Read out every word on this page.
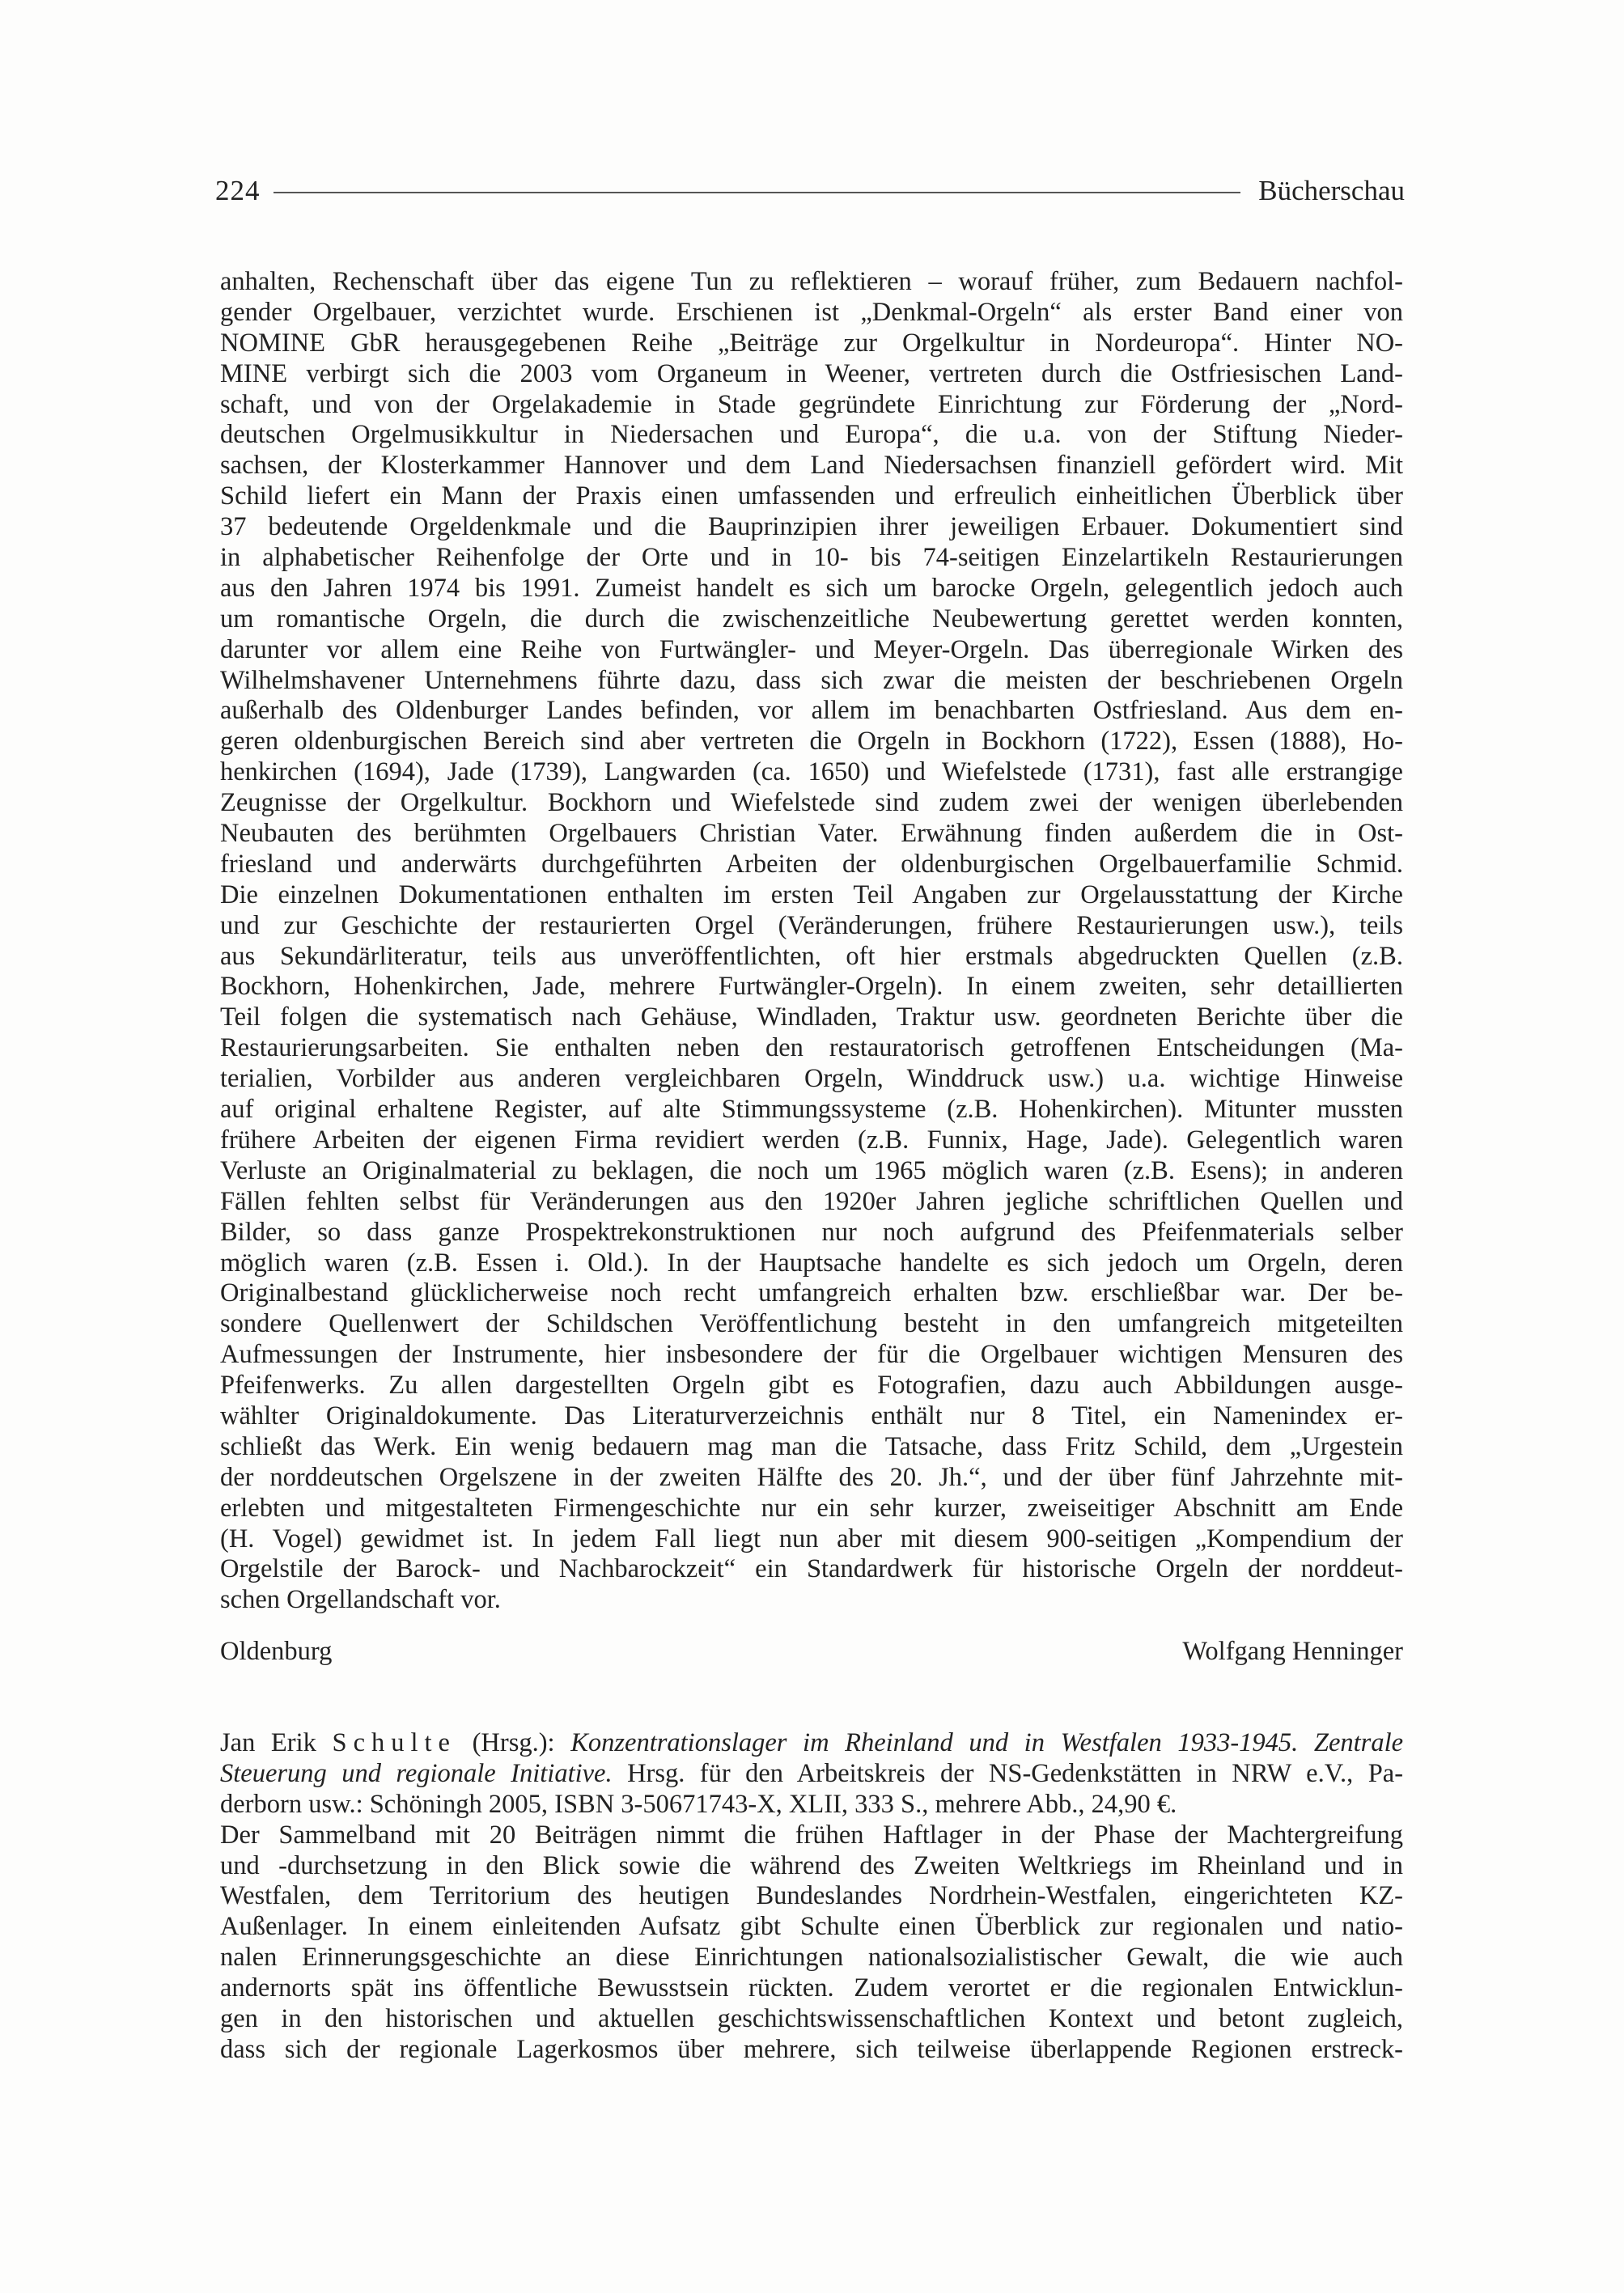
224	Bücherschau
anhalten, Rechenschaft über das eigene Tun zu reflektieren – worauf früher, zum Bedauern nachfol-
gender Orgelbauer, verzichtet wurde. Erschienen ist „Denkmal-Orgeln“ als erster Band einer von
NOMINE GbR herausgegebenen Reihe „Beiträge zur Orgelkultur in Nordeuropa“. Hinter NO-
MINE verbirgt sich die 2003 vom Organeum in Weener, vertreten durch die Ostfriesischen Land-
schaft, und von der Orgelakademie in Stade gegründete Einrichtung zur Förderung der „Nord-
deutschen Orgelmusikkultur in Niedersachen und Europa“, die u.a. von der Stiftung Nieder-
sachsen, der Klosterkammer Hannover und dem Land Niedersachsen finanziell gefördert wird. Mit
Schild liefert ein Mann der Praxis einen umfassenden und erfreulich einheitlichen Überblick über
37 bedeutende Orgeldenkmale und die Bauprinzipien ihrer jeweiligen Erbauer. Dokumentiert sind
in alphabetischer Reihenfolge der Orte und in 10- bis 74-seitigen Einzelartikeln Restaurierungen
aus den Jahren 1974 bis 1991. Zumeist handelt es sich um barocke Orgeln, gelegentlich jedoch auch
um romantische Orgeln, die durch die zwischenzeitliche Neubewertung gerettet werden konnten,
darunter vor allem eine Reihe von Furtwängler- und Meyer-Orgeln. Das überregionale Wirken des
Wilhelmshavener Unternehmens führte dazu, dass sich zwar die meisten der beschriebenen Orgeln
außerhalb des Oldenburger Landes befinden, vor allem im benachbarten Ostfriesland. Aus dem en-
geren oldenburgischen Bereich sind aber vertreten die Orgeln in Bockhorn (1722), Essen (1888), Ho-
henkirchen (1694), Jade (1739), Langwarden (ca. 1650) und Wiefelstede (1731), fast alle erstrangige
Zeugnisse der Orgelkultur. Bockhorn und Wiefelstede sind zudem zwei der wenigen überlebenden
Neubauten des berühmten Orgelbauers Christian Vater. Erwähnung finden außerdem die in Ost-
friesland und anderwärts durchgeführten Arbeiten der oldenburgischen Orgelbauerfamilie Schmid.
Die einzelnen Dokumentationen enthalten im ersten Teil Angaben zur Orgelausstattung der Kirche
und zur Geschichte der restaurierten Orgel (Veränderungen, frühere Restaurierungen usw.), teils
aus Sekundärliteratur, teils aus unveröffentlichten, oft hier erstmals abgedruckten Quellen (z.B.
Bockhorn, Hohenkirchen, Jade, mehrere Furtwängler-Orgeln). In einem zweiten, sehr detaillierten
Teil folgen die systematisch nach Gehäuse, Windladen, Traktur usw. geordneten Berichte über die
Restaurierungsarbeiten. Sie enthalten neben den restauratorisch getroffenen Entscheidungen (Ma-
terialien, Vorbilder aus anderen vergleichbaren Orgeln, Winddruck usw.) u.a. wichtige Hinweise
auf original erhaltene Register, auf alte Stimmungssysteme (z.B. Hohenkirchen). Mitunter mussten
frühere Arbeiten der eigenen Firma revidiert werden (z.B. Funnix, Hage, Jade). Gelegentlich waren
Verluste an Originalmaterial zu beklagen, die noch um 1965 möglich waren (z.B. Esens); in anderen
Fällen fehlten selbst für Veränderungen aus den 1920er Jahren jegliche schriftlichen Quellen und
Bilder, so dass ganze Prospektrekonstruktionen nur noch aufgrund des Pfeifenmaterials selber
möglich waren (z.B. Essen i. Old.). In der Hauptsache handelte es sich jedoch um Orgeln, deren
Originalbestand glücklicherweise noch recht umfangreich erhalten bzw. erschließbar war. Der be-
sondere Quellenwert der Schildschen Veröffentlichung besteht in den umfangreich mitgeteilten
Aufmessungen der Instrumente, hier insbesondere der für die Orgelbauer wichtigen Mensuren des
Pfeifenwerks. Zu allen dargestellten Orgeln gibt es Fotografien, dazu auch Abbildungen ausge-
wählter Originaldokumente. Das Literaturverzeichnis enthält nur 8 Titel, ein Namenindex er-
schließt das Werk. Ein wenig bedauern mag man die Tatsache, dass Fritz Schild, dem „Urgestein
der norddeutschen Orgelszene in der zweiten Hälfte des 20. Jh.“, und der über fünf Jahrzehnte mit-
erlebten und mitgestalteten Firmengeschichte nur ein sehr kurzer, zweiseitiger Abschnitt am Ende
(H. Vogel) gewidmet ist. In jedem Fall liegt nun aber mit diesem 900-seitigen „Kompendium der
Orgelstile der Barock- und Nachbarockzeit“ ein Standardwerk für historische Orgeln der norddeut-
schen Orgellandschaft vor.
Oldenburg	Wolfgang Henninger
Jan Erik Schulte (Hrsg.): Konzentrationslager im Rheinland und in Westfalen 1933-1945. Zentrale
Steuerung und regionale Initiative. Hrsg. für den Arbeitskreis der NS-Gedenkstätten in NRW e.V., Pa-
derborn usw.: Schöningh 2005, ISBN 3-50671743-X, XLII, 333 S., mehrere Abb., 24,90 €.
Der Sammelband mit 20 Beiträgen nimmt die frühen Haftlager in der Phase der Machtergreifung
und -durchsetzung in den Blick sowie die während des Zweiten Weltkriegs im Rheinland und in
Westfalen, dem Territorium des heutigen Bundeslandes Nordrhein-Westfalen, eingerichteten KZ-
Außenlager. In einem einleitenden Aufsatz gibt Schulte einen Überblick zur regionalen und natio-
nalen Erinnerungsgeschichte an diese Einrichtungen nationalsozialistischer Gewalt, die wie auch
andernorts spät ins öffentliche Bewusstsein rückten. Zudem verortet er die regionalen Entwicklun-
gen in den historischen und aktuellen geschichtswissenschaftlichen Kontext und betont zugleich,
dass sich der regionale Lagerkosmos über mehrere, sich teilweise überlappende Regionen erstreck-
